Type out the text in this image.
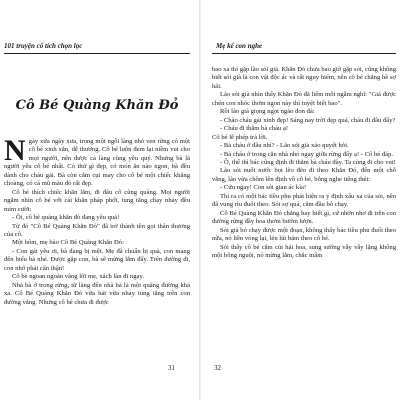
101 truyện cổ tích chọn lọc
Cô Bé Quàng Khăn Đỏ

Ngày xửa ngày xưa, trong một ngôi làng nhỏ ven rừng có một cô bé xinh xắn, dễ thương. Cô bé luôn đem lại niềm vui cho mọi người, nên được cả làng cùng yêu quý. Nhưng bà là người yêu cô bé nhất. Có thứ gì đẹp, có món ăn nào ngon, bà đều dành cho cháu gái. Bà còn cắm cụi may cho cô bé một chiếc khăng choàng, có cả mũ màu đỏ rất đẹp.

Cô bé thích chiếc khăn lắm, đi đâu cô cũng quàng. Mọi người ngắm nhìn cô bé với cái khăn pháp phới, tung tăng chạy nhảy đều mỉm cười:

- Ôi, cô bé quàng khăn đỏ đang yêu quá!

Từ đó "Cô Bé Quàng Khăn Đỏ" đã trở thành tên gọi thân thương của cô.

Một hôm, mẹ bảo Cô Bé Quàng Khăn Đỏ:

- Con gái yêu ơi, bà đang bị mệt. Mẹ đã chuẩn bị quà, con mang đến biếu bà nhé. Được gặp con, bà sẽ mừng lắm đấy. Trên đường đi, con nhớ phải cẩn thận!

Cô bé ngoan ngoãn vâng lời mẹ, xách làn đi ngay.

Nhà bà ở trong rừng, từ làng đến nhà bà là một quãng đường khá xa. Cô Bé Quàng Khăn Đỏ vừa hát vừa nhảy tung tăng trên con đường vắng. Nhưng cô bé chưa đi được

31
Mẹ kể con nghe

bao xa thì gặp lão sói già. Khăn Đỏ chưa bao giờ gặp sói, cũng không biết sói già là con vật độc ác và rất nguy hiểm, nên cô bé chẳng hề sợ hãi.

Lão sói già nhìn thấy Khăn Đỏ đã liếm môi ngẫm nghĩ: "Giá được chén con nhóc thơm ngon này thì tuyệt biết bao".

Rồi lão giả giọng ngọt ngào đon đả:

- Chào cháu gái xinh đẹp! Sáng nay trời đẹp quá, cháu đi đâu đấy?

- Cháu đi thăm bà cháu ạ!

Cô bé lễ phép trả lời.

- Bà cháu ở đâu nhỉ? - Lão sói già xảo quyệt hỏi.

- Bà cháu ở trong căn nhà nhỏ ngay giữa rừng đấy ạ! - Cô bé đáp.

- Ồ, thế thì bác cũng định đi thăm bà cháu đây. Ta cùng đi cho vui!

Lão sói nuốt nước bọt lẽo đẽo đi theo Khăn Đỏ, đến một chỗ vắng, lão vừa chồm lên định vồ cô bé, bỗng nghe tiếng thét:

- Cứu ngay! Con sói gian ác kìa!

Thì ra có một bác tiều phu phát hiện ra ý định xấu xa của sói, nên đã vung rìu đuổi theo. Sói sợ quá, cắm đầu bỏ chạy.

Cô Bé Quàng Khăn Đỏ chẳng hay biết gì, cứ nhởn nhơ đi trên con đường rừng đầy hoa thơm bướm lượn.

Sói già bỏ chạy được một đoạn, không thấy bác tiều phu đuổi theo nữa, nó liền vòng lại, lén lút bám theo cô bé.

Sói thấy cô bé cắm cúi hái hoa, sung sướng vẫy vẫy lặng không một bông nguội, nó mừng lắm, chắc mẩm

32
